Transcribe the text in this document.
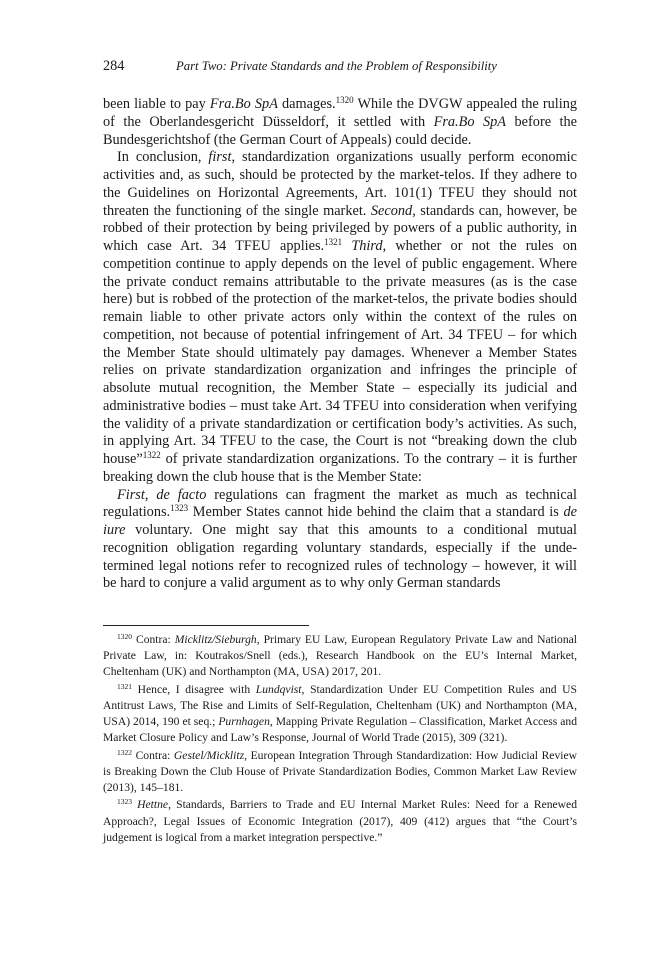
284	Part Two: Private Standards and the Problem of Responsibility

been liable to pay Fra.Bo SpA damages.$^{1320}$ While the DVGW appealed the ruling of the Oberlandesgericht Düsseldorf, it settled with Fra.Bo SpA before the Bundesgerichtshof (the German Court of Appeals) could decide.

In conclusion, first, standardization organizations usually perform economic activities and, as such, should be protected by the market-telos. If they adhere to the Guidelines on Horizontal Agreements, Art. 101(1) TFEU they should not threaten the functioning of the single market. Second, standards can, however, be robbed of their protection by being privileged by powers of a public authority, in which case Art. 34 TFEU applies.$^{1321}$ Third, whether or not the rules on competition continue to apply depends on the level of public engagement. Where the private conduct remains attributable to the private measures (as is the case here) but is robbed of the protection of the market-telos, the private bodies should remain liable to other private actors only within the context of the rules on competition, not because of potential infringement of Art. 34 TFEU – for which the Member State should ultimately pay damages. Whenever a Member States relies on private standardization organization and infringes the principle of absolute mutual recognition, the Member State – especially its judicial and administrative bodies – must take Art. 34 TFEU into consideration when verifying the validity of a private standardization or certification body’s activities. As such, in applying Art. 34 TFEU to the case, the Court is not “breaking down the club house”$^{1322}$ of private standardization organizations. To the contrary – it is further breaking down the club house that is the Member State:

First, de facto regulations can fragment the market as much as technical regulations.$^{1323}$ Member States cannot hide behind the claim that a standard is de iure voluntary. One might say that this amounts to a conditional mutual recognition obligation regarding voluntary standards, especially if the undetermined legal notions refer to recognized rules of technology – however, it will be hard to conjure a valid argument as to why only German standards

$^{1320}$ Contra: Micklitz/Sieburgh, Primary EU Law, European Regulatory Private Law and National Private Law, in: Koutrakos/Snell (eds.), Research Handbook on the EU’s Internal Market, Cheltenham (UK) and Northampton (MA, USA) 2017, 201.

$^{1321}$ Hence, I disagree with Lundqvist, Standardization Under EU Competition Rules and US Antitrust Laws, The Rise and Limits of Self-Regulation, Cheltenham (UK) and Northampton (MA, USA) 2014, 190 et seq.; Purnhagen, Mapping Private Regulation – Classification, Market Access and Market Closure Policy and Law’s Response, Journal of World Trade (2015), 309 (321).

$^{1322}$ Contra: Gestel/Micklitz, European Integration Through Standardization: How Judicial Review is Breaking Down the Club House of Private Standardization Bodies, Common Market Law Review (2013), 145–181.

$^{1323}$ Hettne, Standards, Barriers to Trade and EU Internal Market Rules: Need for a Renewed Approach?, Legal Issues of Economic Integration (2017), 409 (412) argues that “the Court’s judgement is logical from a market integration perspective.”
